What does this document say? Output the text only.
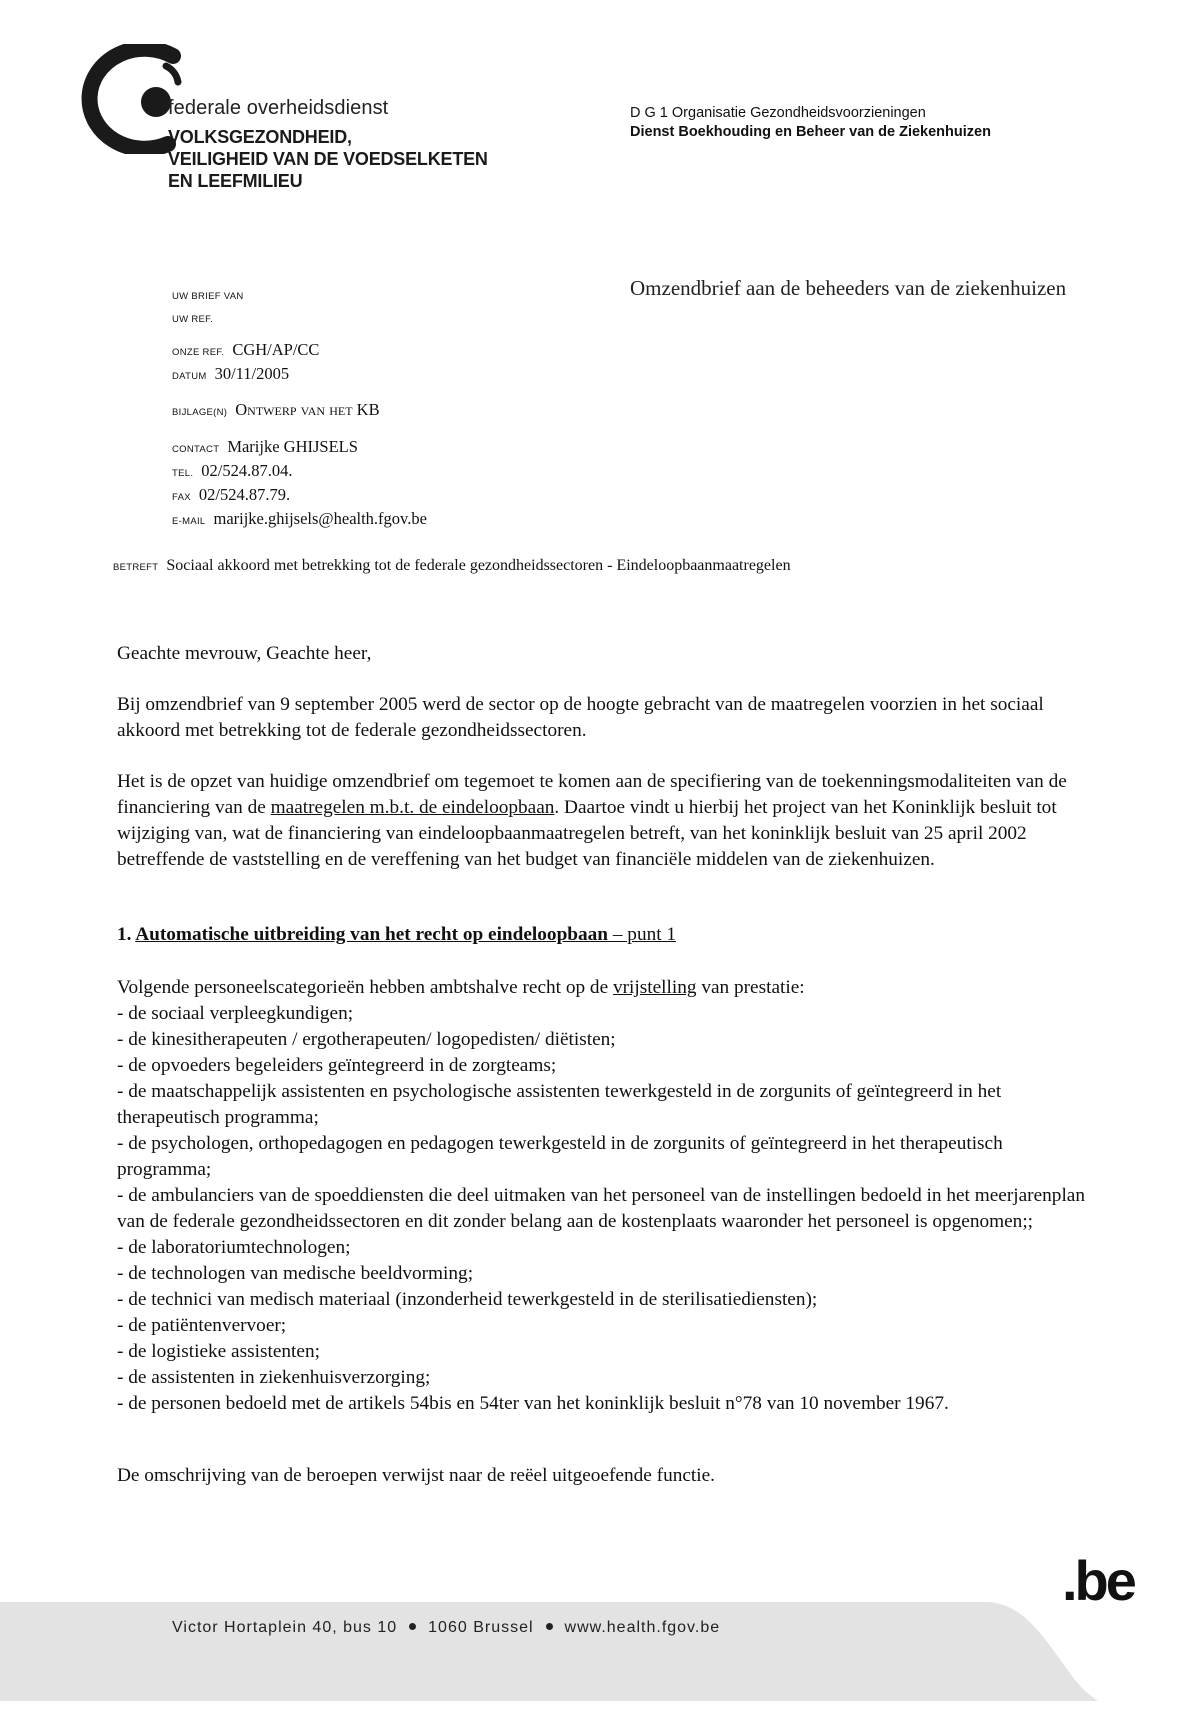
federale overheidsdienst
VOLKSGEZONDHEID,
VEILIGHEID VAN DE VOEDSELKETEN
EN LEEFMILIEU
D G 1 Organisatie Gezondheidsvoorzieningen
Dienst Boekhouding en Beheer van de Ziekenhuizen
UW BRIEF VAN
UW REF.
Omzendbrief aan de beheeders van de ziekenhuizen
ONZE REF. CGH/AP/CC
DATUM 30/11/2005
BIJLAGE(N) Ontwerp van het KB
CONTACT Marijke GHIJSELS
TEL. 02/524.87.04.
FAX 02/524.87.79.
E-MAIL marijke.ghijsels@health.fgov.be
BETREFT Sociaal akkoord met betrekking tot de federale gezondheidssectoren - Eindeloopbaanmaatregelen
Geachte mevrouw, Geachte heer,
Bij omzendbrief van 9 september 2005 werd de sector op de hoogte gebracht van de maatregelen voorzien in het sociaal akkoord met betrekking tot de federale gezondheidssectoren.
Het is de opzet van huidige omzendbrief om tegemoet te komen aan de specifiering van de toekenningsmodaliteiten van de financiering van de maatregelen m.b.t. de eindeloopbaan. Daartoe vindt u hierbij het project van het Koninklijk besluit tot wijziging van, wat de financiering van eindeloopbaanmaatregelen betreft, van het koninklijk besluit van 25 april 2002 betreffende de vaststelling en de vereffening van het budget van financiële middelen van de ziekenhuizen.
1. Automatische uitbreiding van het recht op eindeloopbaan – punt 1
Volgende personeelscategorieën hebben ambtshalve recht op de vrijstelling van prestatie:
- de sociaal verpleegkundigen;
- de kinesitherapeuten / ergotherapeuten/ logopedisten/ diëtisten;
- de opvoeders begeleiders geïntegreerd in de zorgteams;
- de maatschappelijk assistenten en psychologische assistenten tewerkgesteld in de zorgunits of geïntegreerd in het therapeutisch programma;
- de psychologen, orthopedagogen en pedagogen tewerkgesteld in de zorgunits of geïntegreerd in het therapeutisch programma;
- de ambulanciers van de spoeddiensten die deel uitmaken van het personeel van de instellingen bedoeld in het meerjarenplan van de federale gezondheidssectoren en dit zonder belang aan de kostenplaats waaronder het personeel is opgenomen;;
- de laboratoriumtechnologen;
- de technologen van medische beeldvorming;
- de technici van medisch materiaal (inzonderheid tewerkgesteld in de sterilisatiediensten);
- de patiëntenvervoer;
- de logistieke assistenten;
- de assistenten in ziekenhuisverzorging;
- de personen bedoeld met de artikels 54bis en 54ter van het koninklijk besluit n°78 van 10 november 1967.
De omschrijving van de beroepen verwijst naar de reëel uitgeoefende functie.
.be
Victor Hortaplein 40, bus 10 1060 Brussel www.health.fgov.be
